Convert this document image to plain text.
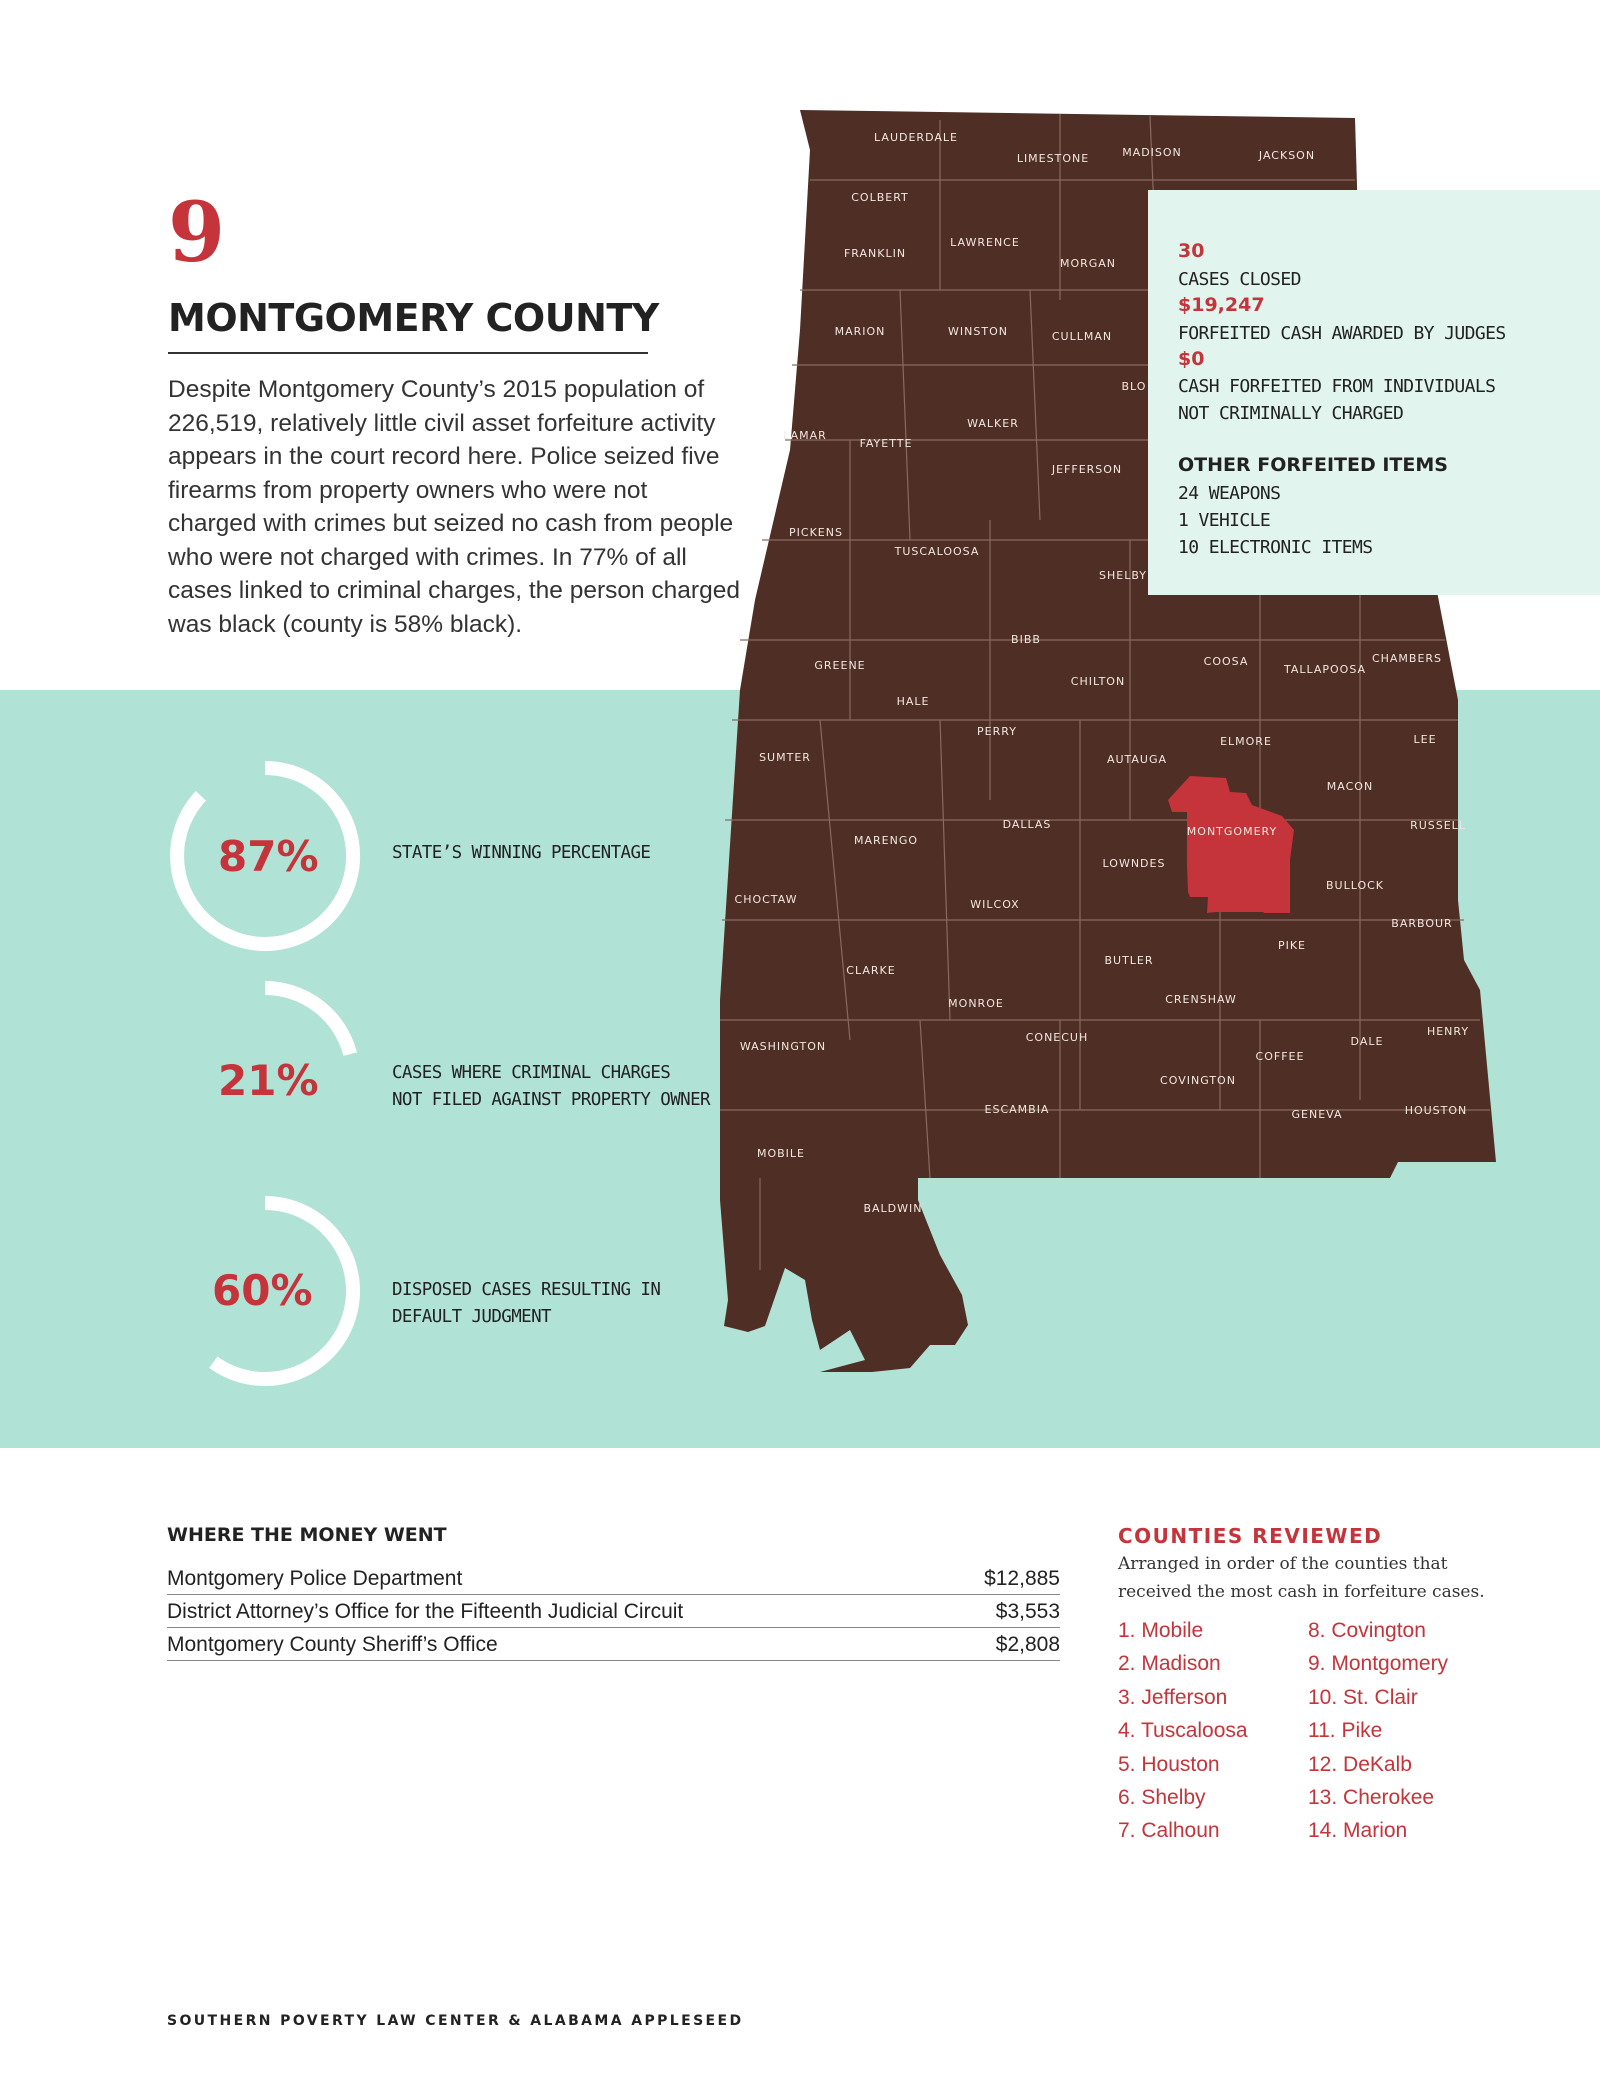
LAUDERDALE
LIMESTONE	MADISON	JACKSON
COLBERT
LAWRENCE
FRANKLIN
MORGAN
MARION	WINSTON	CULLMAN
BLO
LAMAR
FAYETTE
WALKER
JEFFERSON
PICKENS
TUSCALOOSA
SHELBY
BIBB
GREENE
CHILTON
COOSA
TALLAPOOSA
CHAMBERS
HALE
PERRY
ELMORE	LEE
SUMTER	AUTAUGA
MACON
DALLAS
MONTGOMERY	RUSSELL
MARENGO
LOWNDES
BULLOCK
CHOCTAW	WILCOX
BARBOUR
BUTLER
PIKE
CLARKE
MONROE	CRENSHAW
HENRY
WASHINGTON
CONECUH
COFFEE
DALE
COVINGTON
ESCAMBIA	GENEVA	HOUSTON
MOBILE
BALDWIN
9
MONTGOMERY COUNTY

Despite Montgomery County’s 2015 population of 226,519, relatively little civil asset forfeiture activity appears in the court record here. Police seized five firearms from property owners who were not charged with crimes but seized no cash from people who were not charged with crimes. In 77% of all cases linked to criminal charges, the person charged was black (county is 58% black).

30
CASES CLOSED
$19,247
FORFEITED CASH AWARDED BY JUDGES
$0
CASH FORFEITED FROM INDIVIDUALS
NOT CRIMINALLY CHARGED
OTHER FORFEITED ITEMS
24 WEAPONS
1 VEHICLE
10 ELECTRONIC ITEMS
87%	STATE’S WINNING PERCENTAGE
21%	CASES WHERE CRIMINAL CHARGES
NOT FILED AGAINST PROPERTY OWNER
60%	DISPOSED CASES RESULTING IN
DEFAULT JUDGMENT
WHERE THE MONEY WENT
Montgomery Police Department	$12,885
District Attorney’s Office for the Fifteenth Judicial Circuit	$3,553
Montgomery County Sheriff’s Office	$2,808
COUNTIES REVIEWED

Arranged in order of the counties that received the most cash in forfeiture cases.

1. Mobile
2. Madison
3. Jefferson
4. Tuscaloosa
5. Houston
6. Shelby
7. Calhoun
8. Covington
9. Montgomery
10. St. Clair
11. Pike
12. DeKalb
13. Cherokee
14. Marion
SOUTHERN POVERTY LAW CENTER & ALABAMA APPLESEED
